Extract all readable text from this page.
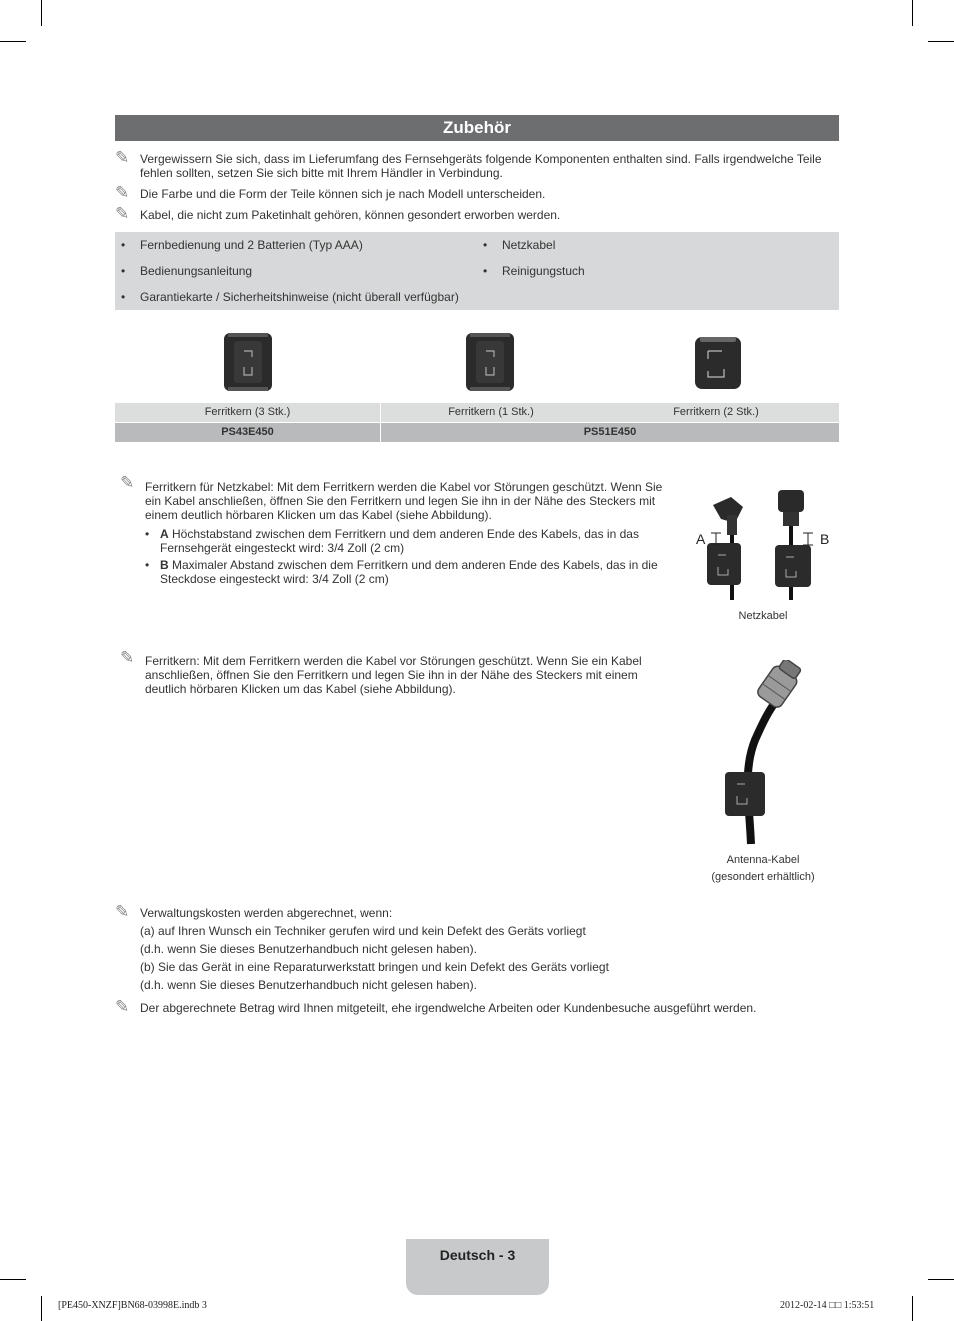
Zubehör
✎ Vergewissern Sie sich, dass im Lieferumfang des Fernsehgeräts folgende Komponenten enthalten sind. Falls irgendwelche Teile fehlen sollten, setzen Sie sich bitte mit Ihrem Händler in Verbindung.
✎ Die Farbe und die Form der Teile können sich je nach Modell unterscheiden.
✎ Kabel, die nicht zum Paketinhalt gehören, können gesondert erworben werden.
• Fernbedienung und 2 Batterien (Typ AAA)
• Bedienungsanleitung
• Garantiekarte / Sicherheitshinweise (nicht überall verfügbar)
• Netzkabel
• Reinigungstuch
Ferritkern (3 Stk.)	Ferritkern (1 Stk.)	Ferritkern (2 Stk.)
PS43E450	PS51E450
✎ Ferritkern für Netzkabel: Mit dem Ferritkern werden die Kabel vor Störungen geschützt. Wenn Sie ein Kabel anschließen, öffnen Sie den Ferritkern und legen Sie ihn in der Nähe des Steckers mit einem deutlich hörbaren Klicken um das Kabel (siehe Abbildung).
• A Höchstabstand zwischen dem Ferritkern und dem anderen Ende des Kabels, das in das Fernsehgerät eingesteckt wird: 3/4 Zoll (2 cm)
• B Maximaler Abstand zwischen dem Ferritkern und dem anderen Ende des Kabels, das in die Steckdose eingesteckt wird: 3/4 Zoll (2 cm)
A	B
Netzkabel
✎ Ferritkern: Mit dem Ferritkern werden die Kabel vor Störungen geschützt. Wenn Sie ein Kabel anschließen, öffnen Sie den Ferritkern und legen Sie ihn in der Nähe des Steckers mit einem deutlich hörbaren Klicken um das Kabel (siehe Abbildung).
Antenna-Kabel
(gesondert erhältlich)
✎ Verwaltungskosten werden abgerechnet, wenn:
(a) auf Ihren Wunsch ein Techniker gerufen wird und kein Defekt des Geräts vorliegt
(d.h. wenn Sie dieses Benutzerhandbuch nicht gelesen haben).
(b) Sie das Gerät in eine Reparaturwerkstatt bringen und kein Defekt des Geräts vorliegt
(d.h. wenn Sie dieses Benutzerhandbuch nicht gelesen haben).
✎ Der abgerechnete Betrag wird Ihnen mitgeteilt, ehe irgendwelche Arbeiten oder Kundenbesuche ausgeführt werden.
Deutsch - 3
[PE450-XNZF]BN68-03998E.indb 3	2012-02-14 □□ 1:53:51
